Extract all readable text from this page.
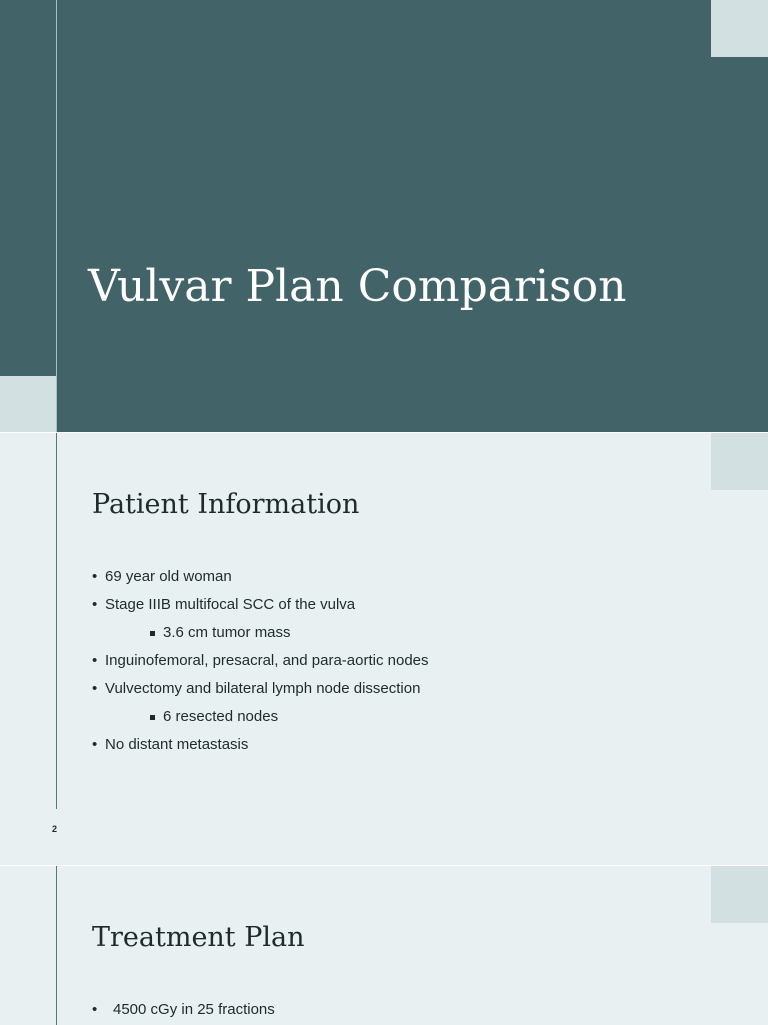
Vulvar Plan Comparison
Patient Information
• 69 year old woman
• Stage IIIB multifocal SCC of the vulva
3.6 cm tumor mass
• Inguinofemoral, presacral, and para-aortic nodes
• Vulvectomy and bilateral lymph node dissection
6 resected nodes
• No distant metastasis
2
Treatment Plan
• 4500 cGy in 25 fractions
